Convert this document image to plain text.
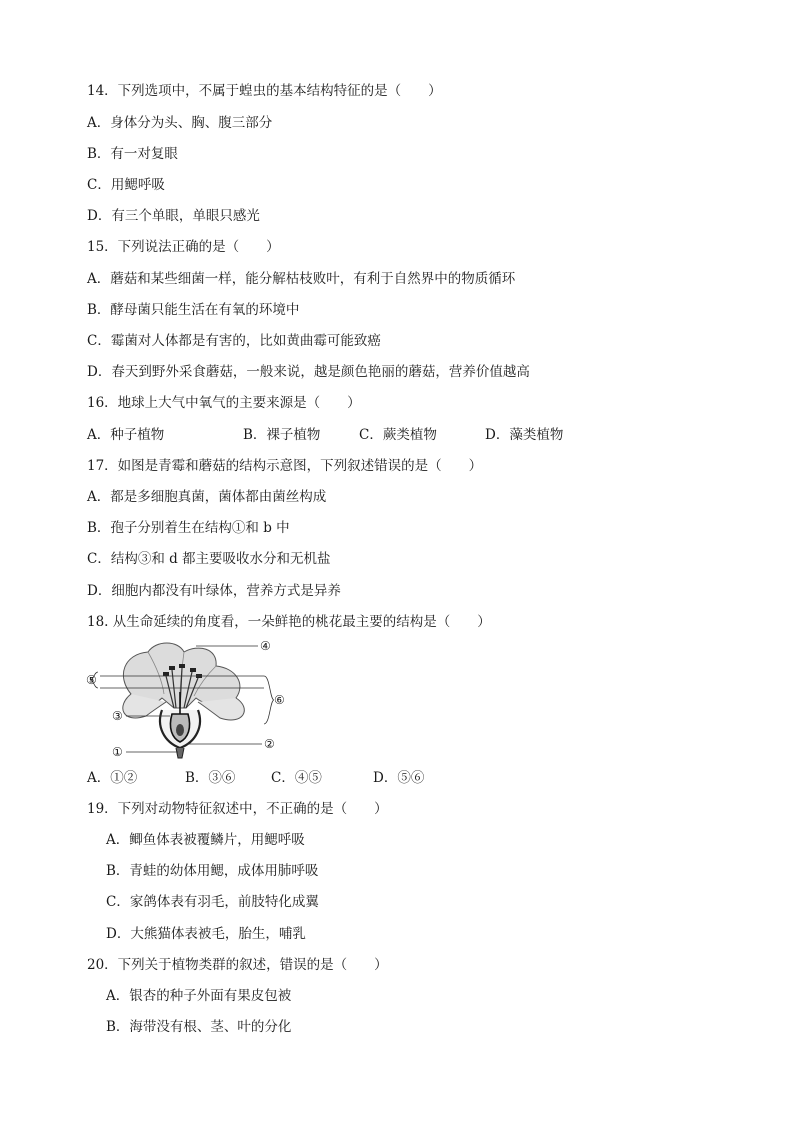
14．下列选项中，不属于蝗虫的基本结构特征的是（　　）
A．身体分为头、胸、腹三部分
B．有一对复眼
C．用鳃呼吸
D．有三个单眼，单眼只感光
15．下列说法正确的是（　　）
A．蘑菇和某些细菌一样，能分解枯枝败叶，有利于自然界中的物质循环
B．酵母菌只能生活在有氧的环境中
C．霉菌对人体都是有害的，比如黄曲霉可能致癌
D．春天到野外采食蘑菇，一般来说，越是颜色艳丽的蘑菇，营养价值越高
16．地球上大气中氧气的主要来源是（　　）
A．种子植物	B．裸子植物	C．蕨类植物	D．藻类植物
17．如图是青霉和蘑菇的结构示意图，下列叙述错误的是（　　）
A．都是多细胞真菌，菌体都由菌丝构成
B．孢子分别着生在结构①和 b 中
C．结构③和 d 都主要吸收水分和无机盐
D．细胞内都没有叶绿体，营养方式是异养
18. 从生命延续的角度看，一朵鲜艳的桃花最主要的结构是（　　）
④
⑤
⑥
③
②
①
A．①②	B．③⑥	C．④⑤	D．⑤⑥
19．下列对动物特征叙述中，不正确的是（　　）
A．鲫鱼体表被覆鳞片，用鳃呼吸
B．青蛙的幼体用鳃，成体用肺呼吸
C．家鸽体表有羽毛，前肢特化成翼
D．大熊猫体表被毛，胎生，哺乳
20．下列关于植物类群的叙述，错误的是（　　）
A．银杏的种子外面有果皮包被
B．海带没有根、茎、叶的分化
